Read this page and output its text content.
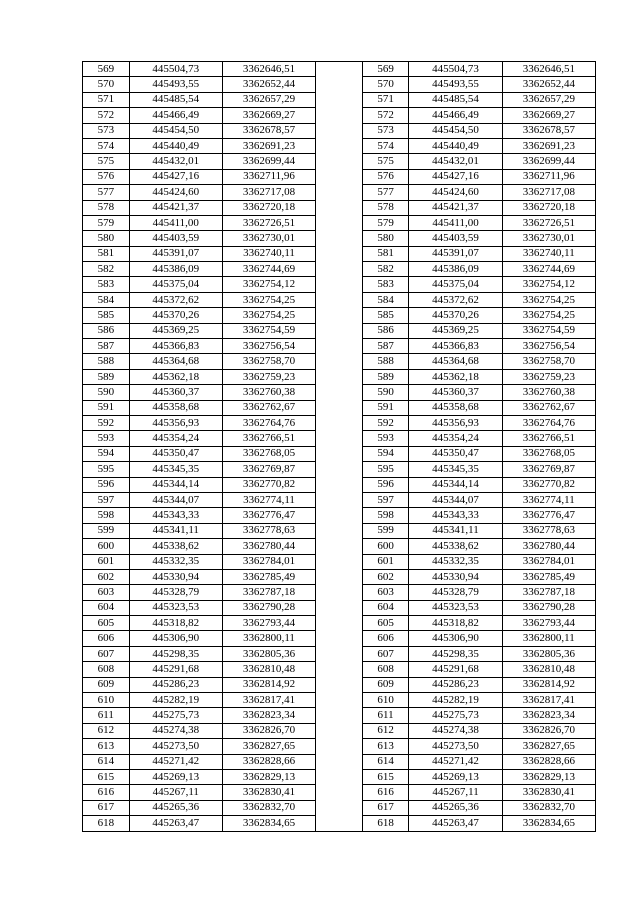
569	445504,73	3362646,51		569	445504,73	3362646,51
570	445493,55	3362652,44		570	445493,55	3362652,44
571	445485,54	3362657,29		571	445485,54	3362657,29
572	445466,49	3362669,27		572	445466,49	3362669,27
573	445454,50	3362678,57		573	445454,50	3362678,57
574	445440,49	3362691,23		574	445440,49	3362691,23
575	445432,01	3362699,44		575	445432,01	3362699,44
576	445427,16	3362711,96		576	445427,16	3362711,96
577	445424,60	3362717,08		577	445424,60	3362717,08
578	445421,37	3362720,18		578	445421,37	3362720,18
579	445411,00	3362726,51		579	445411,00	3362726,51
580	445403,59	3362730,01		580	445403,59	3362730,01
581	445391,07	3362740,11		581	445391,07	3362740,11
582	445386,09	3362744,69		582	445386,09	3362744,69
583	445375,04	3362754,12		583	445375,04	3362754,12
584	445372,62	3362754,25		584	445372,62	3362754,25
585	445370,26	3362754,25		585	445370,26	3362754,25
586	445369,25	3362754,59		586	445369,25	3362754,59
587	445366,83	3362756,54		587	445366,83	3362756,54
588	445364,68	3362758,70		588	445364,68	3362758,70
589	445362,18	3362759,23		589	445362,18	3362759,23
590	445360,37	3362760,38		590	445360,37	3362760,38
591	445358,68	3362762,67		591	445358,68	3362762,67
592	445356,93	3362764,76		592	445356,93	3362764,76
593	445354,24	3362766,51		593	445354,24	3362766,51
594	445350,47	3362768,05		594	445350,47	3362768,05
595	445345,35	3362769,87		595	445345,35	3362769,87
596	445344,14	3362770,82		596	445344,14	3362770,82
597	445344,07	3362774,11		597	445344,07	3362774,11
598	445343,33	3362776,47		598	445343,33	3362776,47
599	445341,11	3362778,63		599	445341,11	3362778,63
600	445338,62	3362780,44		600	445338,62	3362780,44
601	445332,35	3362784,01		601	445332,35	3362784,01
602	445330,94	3362785,49		602	445330,94	3362785,49
603	445328,79	3362787,18		603	445328,79	3362787,18
604	445323,53	3362790,28		604	445323,53	3362790,28
605	445318,82	3362793,44		605	445318,82	3362793,44
606	445306,90	3362800,11		606	445306,90	3362800,11
607	445298,35	3362805,36		607	445298,35	3362805,36
608	445291,68	3362810,48		608	445291,68	3362810,48
609	445286,23	3362814,92		609	445286,23	3362814,92
610	445282,19	3362817,41		610	445282,19	3362817,41
611	445275,73	3362823,34		611	445275,73	3362823,34
612	445274,38	3362826,70		612	445274,38	3362826,70
613	445273,50	3362827,65		613	445273,50	3362827,65
614	445271,42	3362828,66		614	445271,42	3362828,66
615	445269,13	3362829,13		615	445269,13	3362829,13
616	445267,11	3362830,41		616	445267,11	3362830,41
617	445265,36	3362832,70		617	445265,36	3362832,70
618	445263,47	3362834,65		618	445263,47	3362834,65
